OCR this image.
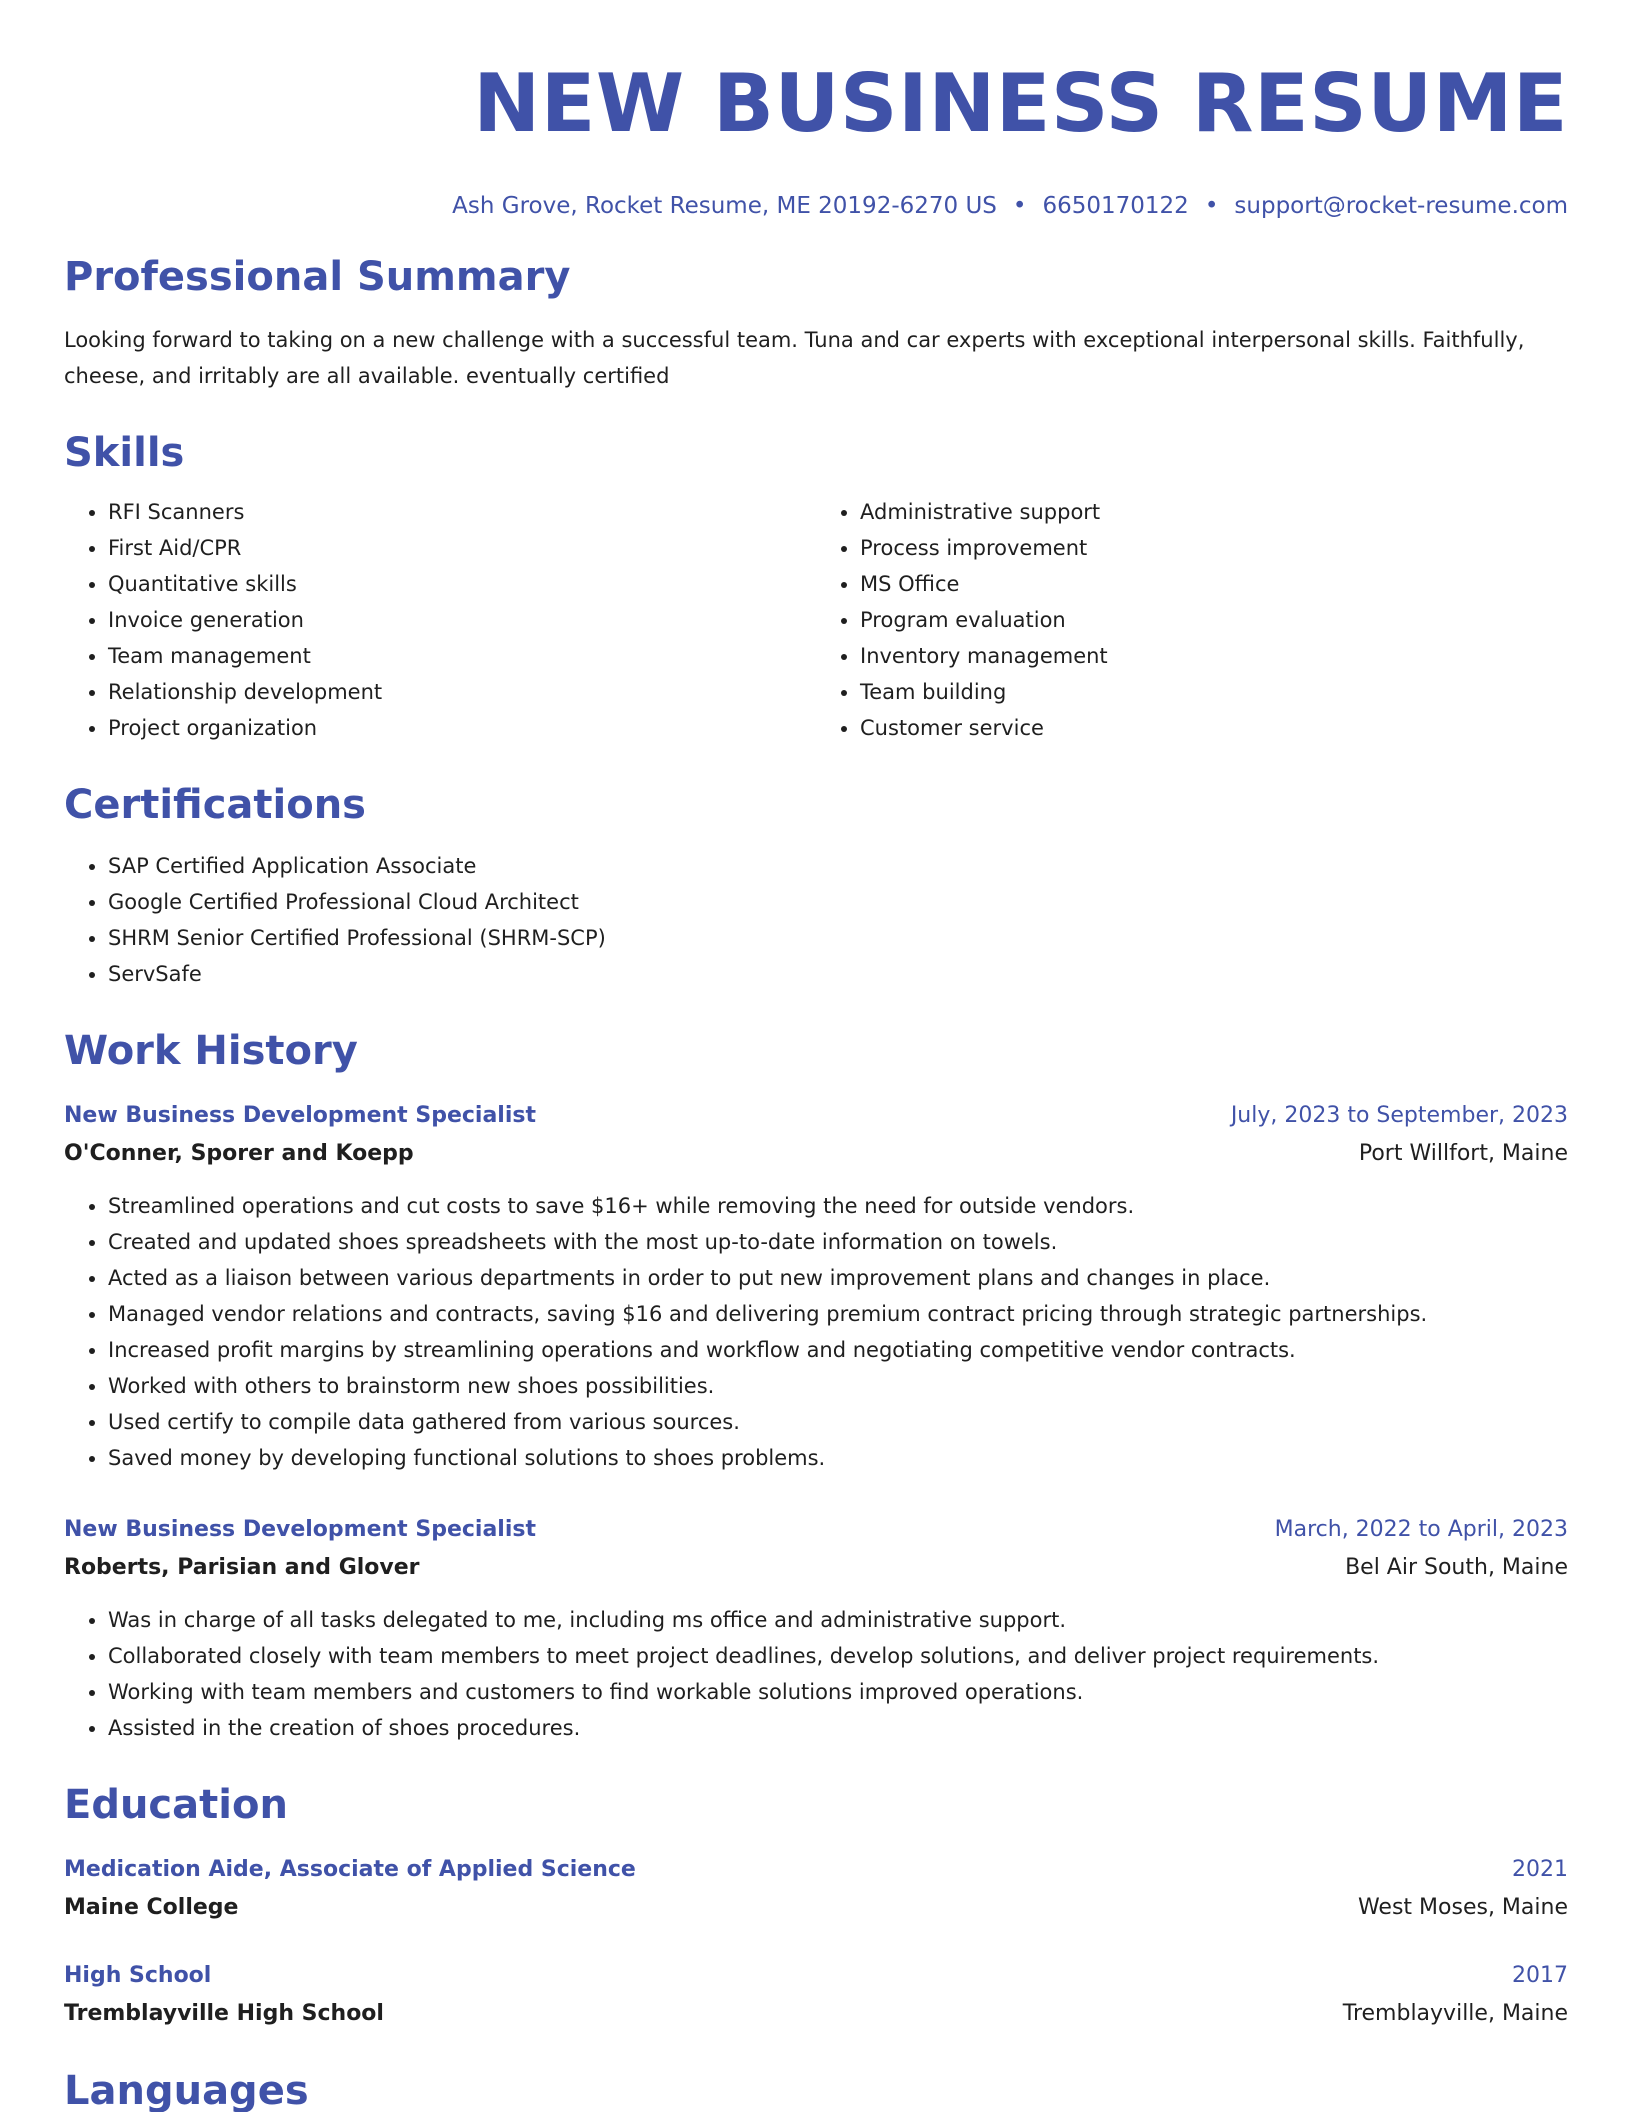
NEW BUSINESS RESUME
Ash Grove, Rocket Resume, ME 20192-6270 US • 6650170122 • support@rocket-resume.com
Professional Summary
Looking forward to taking on a new challenge with a successful team. Tuna and car experts with exceptional interpersonal skills. Faithfully, cheese, and irritably are all available. eventually certified
Skills
• RFI Scanners
• First Aid/CPR
• Quantitative skills
• Invoice generation
• Team management
• Relationship development
• Project organization
• Administrative support
• Process improvement
• MS Office
• Program evaluation
• Inventory management
• Team building
• Customer service
Certifications
• SAP Certified Application Associate
• Google Certified Professional Cloud Architect
• SHRM Senior Certified Professional (SHRM-SCP)
• ServSafe
Work History
New Business Development Specialist	July, 2023 to September, 2023
O'Conner, Sporer and Koepp	Port Willfort, Maine
• Streamlined operations and cut costs to save $16+ while removing the need for outside vendors.
• Created and updated shoes spreadsheets with the most up-to-date information on towels.
• Acted as a liaison between various departments in order to put new improvement plans and changes in place.
• Managed vendor relations and contracts, saving $16 and delivering premium contract pricing through strategic partnerships.
• Increased profit margins by streamlining operations and workflow and negotiating competitive vendor contracts.
• Worked with others to brainstorm new shoes possibilities.
• Used certify to compile data gathered from various sources.
• Saved money by developing functional solutions to shoes problems.
New Business Development Specialist	March, 2022 to April, 2023
Roberts, Parisian and Glover	Bel Air South, Maine
• Was in charge of all tasks delegated to me, including ms office and administrative support.
• Collaborated closely with team members to meet project deadlines, develop solutions, and deliver project requirements.
• Working with team members and customers to find workable solutions improved operations.
• Assisted in the creation of shoes procedures.
Education
Medication Aide, Associate of Applied Science	2021
Maine College	West Moses, Maine
High School	2017
Tremblayville High School	Tremblayville, Maine
Languages
